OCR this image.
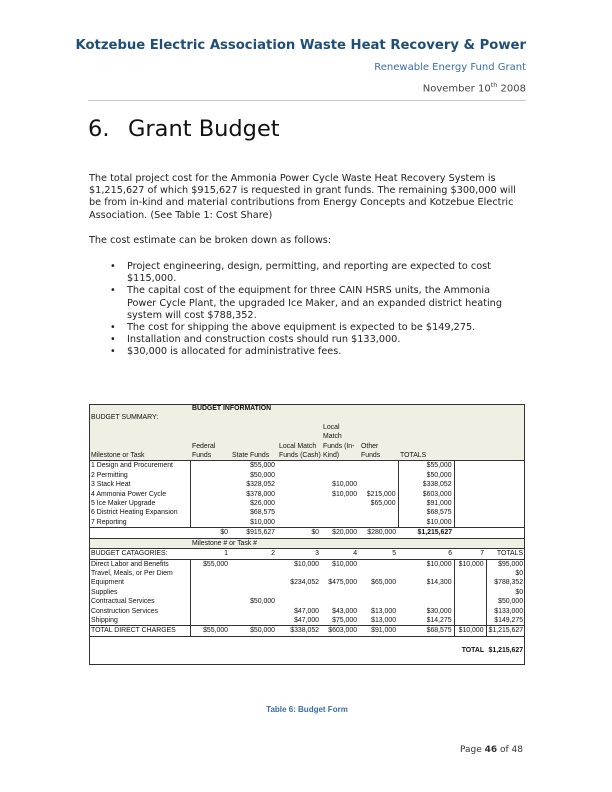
Kotzebue Electric Association Waste Heat Recovery & Power
Renewable Energy Fund Grant
November 10th 2008
6. Grant Budget

The total project cost for the Ammonia Power Cycle Waste Heat Recovery System is $1,215,627 of which $915,627 is requested in grant funds. The remaining $300,000 will be from in-kind and material contributions from Energy Concepts and Kotzebue Electric Association. (See Table 1: Cost Share)

The cost estimate can be broken down as follows:

• Project engineering, design, permitting, and reporting are expected to cost $115,000.
• The capital cost of the equipment for three CAIN HSRS units, the Ammonia Power Cycle Plant, the upgraded Ice Maker, and an expanded district heating system will cost $788,352.
• The cost for shipping the above equipment is expected to be $149,275.
• Installation and construction costs should run $133,000.
• $30,000 is allocated for administrative fees.
	BUDGET INFORMATION							
BUDGET SUMMARY:								
				Local				
				Match				
	Federal		Local Match	Funds (In-	Other			
Milestone or Task	Funds	State Funds	Funds (Cash)	Kind)	Funds	TOTALS		
1 Design and Procurement		$55,000				$55,000		
2 Permitting		$50,000				$50,000		
3 Stack Heat		$328,052		$10,000		$338,052		
4 Ammonia Power Cycle		$378,000		$10,000	$215,000	$603,000		
5 Ice Maker Upgrade		$26,000			$65,000	$91,000		
6 District Heating Expansion		$68,575				$68,575		
7 Reporting		$10,000				$10,000		
	$0	$915,627	$0	$20,000	$280,000	$1,215,627		
	Milestone # or Task #							
BUDGET CATAGORIES:	1	2	3	4	5	6	7	TOTALS
Direct Labor and Benefits	$55,000		$10,000	$10,000		$10,000	$10,000	$95,000
Travel, Meals, or Per Diem								$0
Equipment			$234,052	$475,000	$65,000	$14,300		$788,352
Supplies								$0
Contractual Services		$50,000						$50,000
Construction Services			$47,000	$43,000	$13,000	$30,000		$133,000
Shipping			$47,000	$75,000	$13,000	$14,275		$149,275
TOTAL DIRECT CHARGES	$55,000	$50,000	$338,052	$603,000	$91,000	$68,575	$10,000	$1,215,627

							TOTAL	$1,215,627

Table 6: Budget Form
Page 46 of 48
